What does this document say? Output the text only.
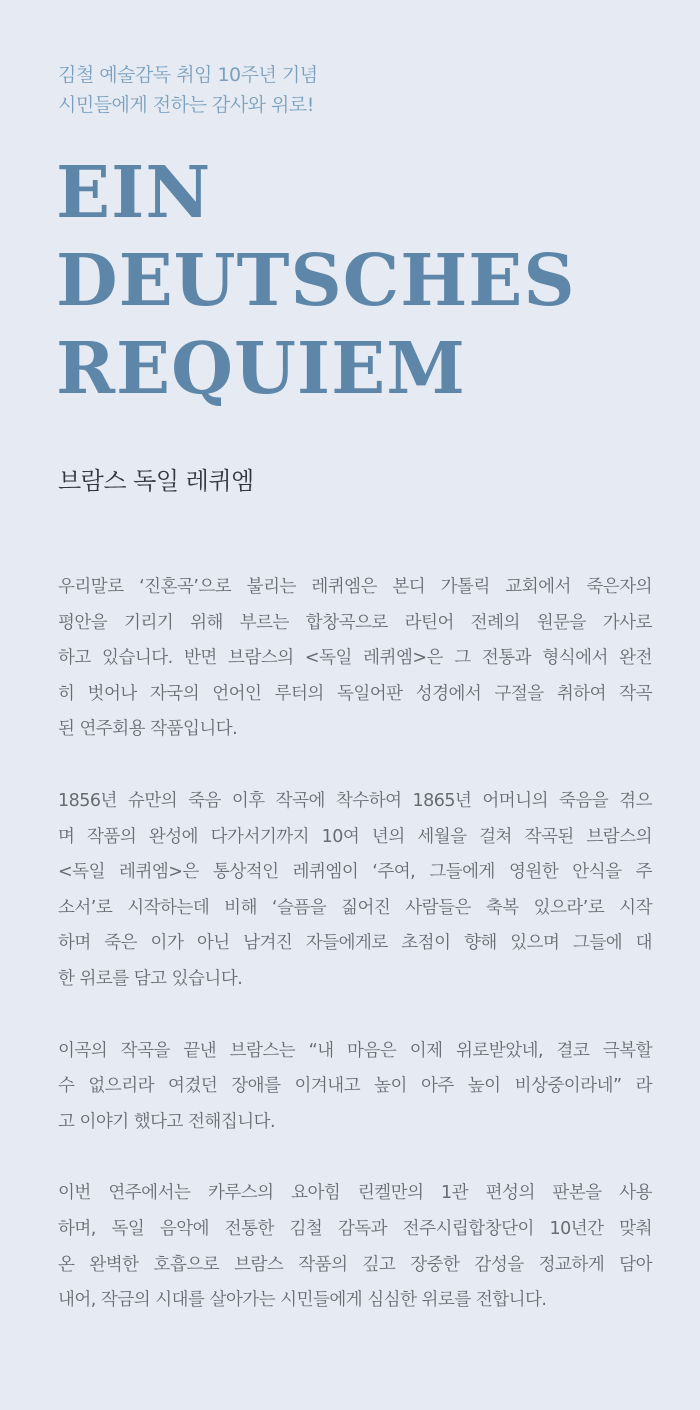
김철 예술감독 취임 10주년 기념
시민들에게 전하는 감사와 위로!
EIN
DEUTSCHES
REQUIEM
브람스 독일 레퀴엠
우리말로 ‘진혼곡’으로 불리는 레퀴엠은 본디 가톨릭 교회에서 죽은자의
평안을 기리기 위해 부르는 합창곡으로 라틴어 전례의 원문을 가사로
하고 있습니다. 반면 브람스의 <독일 레퀴엠>은 그 전통과 형식에서 완전
히 벗어나 자국의 언어인 루터의 독일어판 성경에서 구절을 취하여 작곡
된 연주회용 작품입니다.
1856년 슈만의 죽음 이후 작곡에 착수하여 1865년 어머니의 죽음을 겪으
며 작품의 완성에 다가서기까지 10여 년의 세월을 걸쳐 작곡된 브람스의
<독일 레퀴엠>은 통상적인 레퀴엠이 ‘주여, 그들에게 영원한 안식을 주
소서’로 시작하는데 비해 ‘슬픔을 짊어진 사람들은 축복 있으라’로 시작
하며 죽은 이가 아닌 남겨진 자들에게로 초점이 향해 있으며 그들에 대
한 위로를 담고 있습니다.
이곡의 작곡을 끝낸 브람스는 “내 마음은 이제 위로받았네, 결코 극복할
수 없으리라 여겼던 장애를 이겨내고 높이 아주 높이 비상중이라네” 라
고 이야기 했다고 전해집니다.
이번 연주에서는 카루스의 요아힘 린켈만의 1관 편성의 판본을 사용
하며, 독일 음악에 전통한 김철 감독과 전주시립합창단이 10년간 맞춰
온 완벽한 호흡으로 브람스 작품의 깊고 장중한 감성을 정교하게 담아
내어, 작금의 시대를 살아가는 시민들에게 심심한 위로를 전합니다.
